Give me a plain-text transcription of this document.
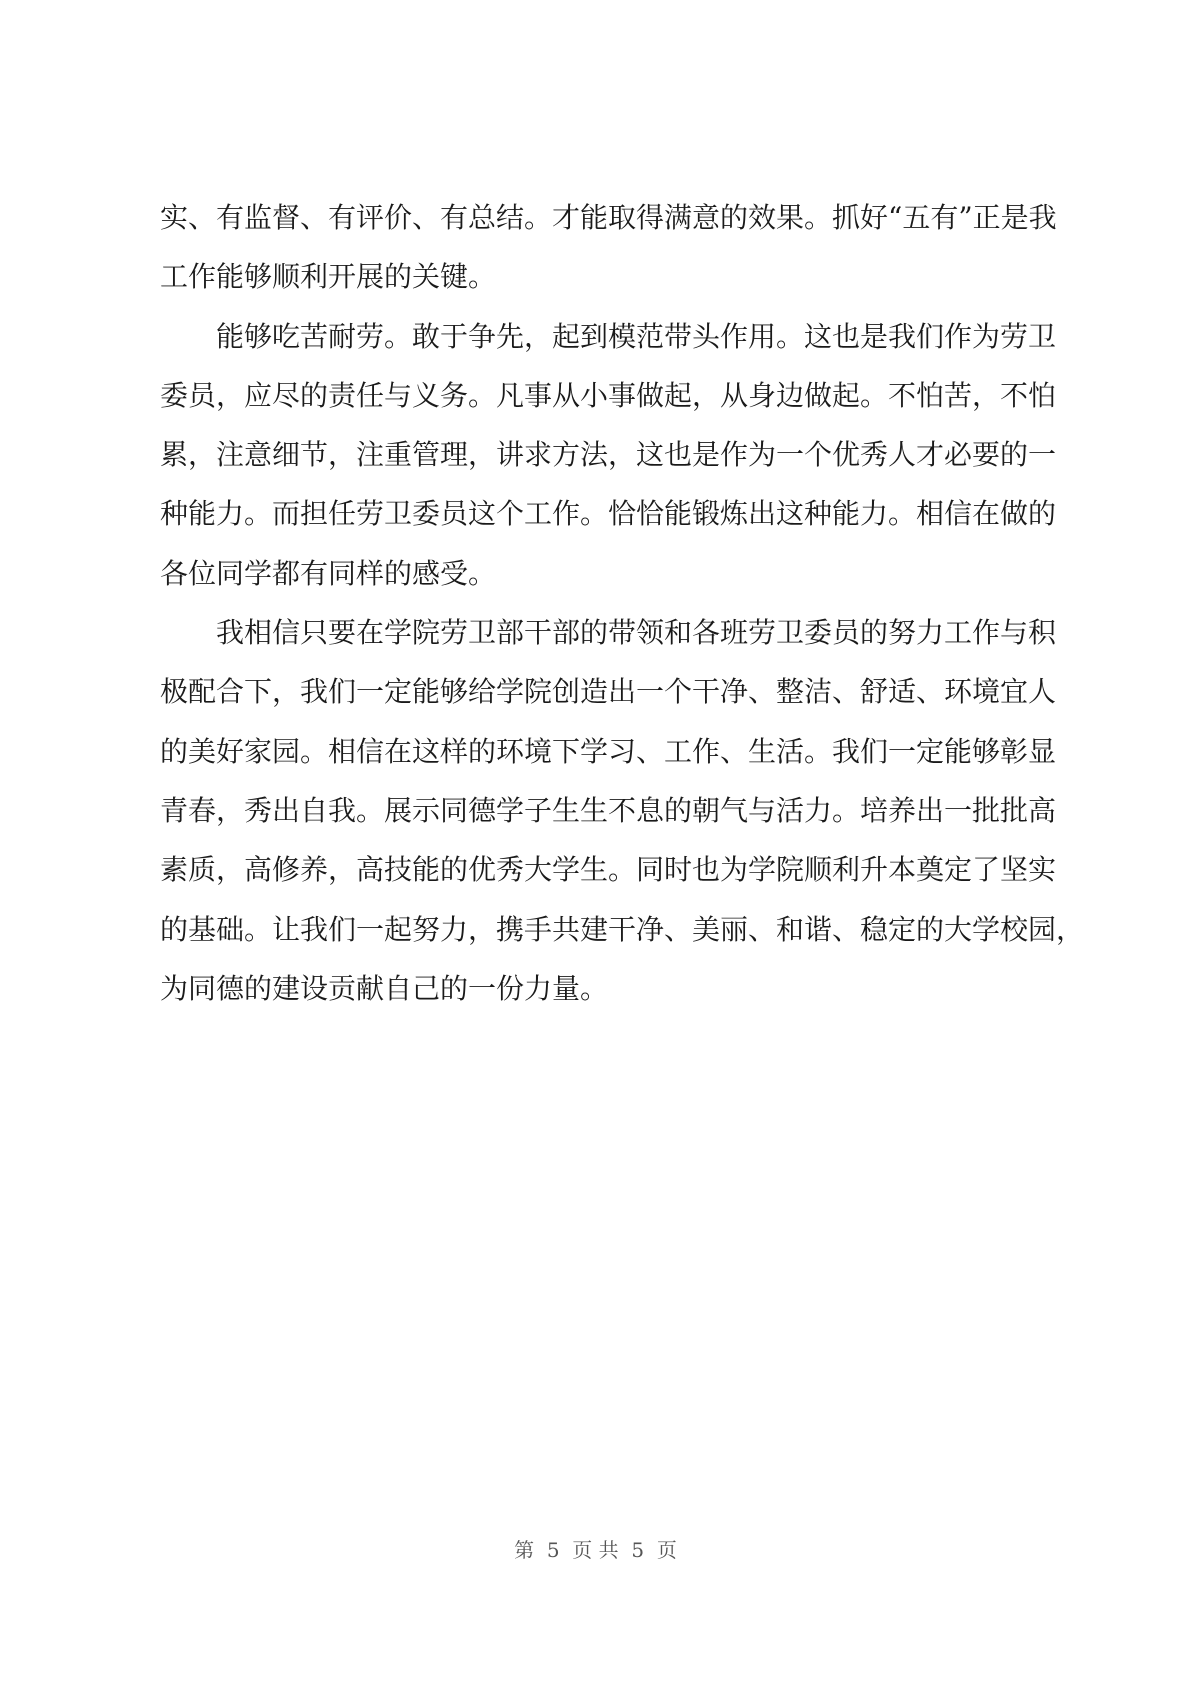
实、有监督、有评价、有总结。才能取得满意的效果。抓好“五有”正是我
工作能够顺利开展的关键。
　　能够吃苦耐劳。敢于争先，起到模范带头作用。这也是我们作为劳卫
委员，应尽的责任与义务。凡事从小事做起，从身边做起。不怕苦，不怕
累，注意细节，注重管理，讲求方法，这也是作为一个优秀人才必要的一
种能力。而担任劳卫委员这个工作。恰恰能锻炼出这种能力。相信在做的
各位同学都有同样的感受。
　　我相信只要在学院劳卫部干部的带领和各班劳卫委员的努力工作与积
极配合下，我们一定能够给学院创造出一个干净、整洁、舒适、环境宜人
的美好家园。相信在这样的环境下学习、工作、生活。我们一定能够彰显
青春，秀出自我。展示同德学子生生不息的朝气与活力。培养出一批批高
素质，高修养，高技能的优秀大学生。同时也为学院顺利升本奠定了坚实
的基础。让我们一起努力，携手共建干净、美丽、和谐、稳定的大学校园，
为同德的建设贡献自己的一份力量。
第  5  页 共  5  页
